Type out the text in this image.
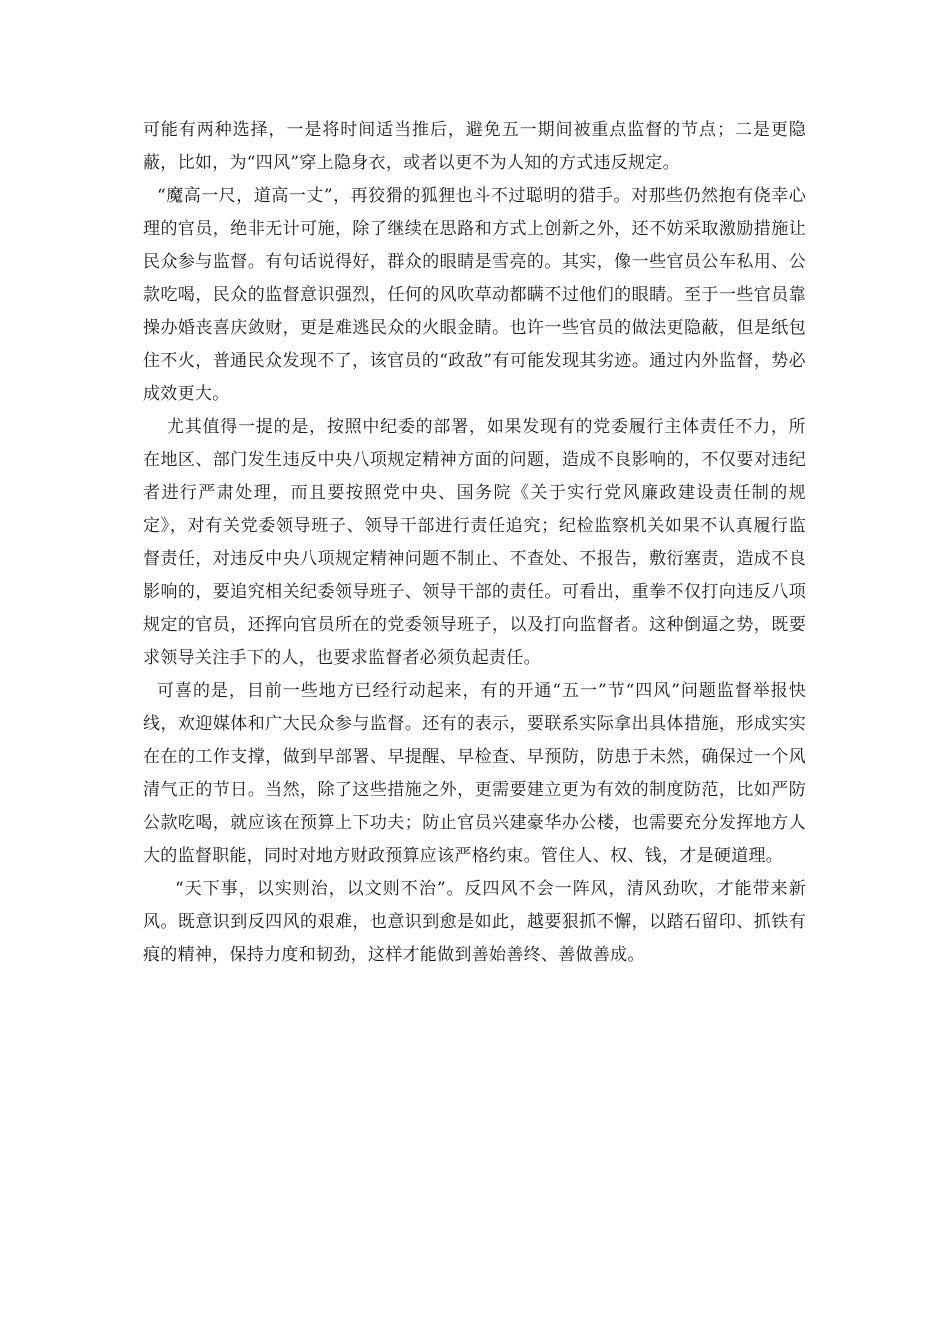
可能有两种选择，一是将时间适当推后，避免五一期间被重点监督的节点；二是更隐蔽，比如，为“四风”穿上隐身衣，或者以更不为人知的方式违反规定。

“魔高一尺，道高一丈”，再狡猾的狐狸也斗不过聪明的猎手。对那些仍然抱有侥幸心理的官员，绝非无计可施，除了继续在思路和方式上创新之外，还不妨采取激励措施让民众参与监督。有句话说得好，群众的眼睛是雪亮的。其实，像一些官员公车私用、公款吃喝，民众的监督意识强烈，任何的风吹草动都瞒不过他们的眼睛。至于一些官员靠操办婚丧喜庆敛财，更是难逃民众的火眼金睛。也许一些官员的做法更隐蔽，但是纸包住不火，普通民众发现不了，该官员的“政敌”有可能发现其劣迹。通过内外监督，势必成效更大。

尤其值得一提的是，按照中纪委的部署，如果发现有的党委履行主体责任不力，所在地区、部门发生违反中央八项规定精神方面的问题，造成不良影响的，不仅要对违纪者进行严肃处理，而且要按照党中央、国务院《关于实行党风廉政建设责任制的规定》，对有关党委领导班子、领导干部进行责任追究；纪检监察机关如果不认真履行监督责任，对违反中央八项规定精神问题不制止、不查处、不报告，敷衍塞责，造成不良影响的，要追究相关纪委领导班子、领导干部的责任。可看出，重拳不仅打向违反八项规定的官员，还挥向官员所在的党委领导班子，以及打向监督者。这种倒逼之势，既要求领导关注手下的人，也要求监督者必须负起责任。

可喜的是，目前一些地方已经行动起来，有的开通“五一”节“四风”问题监督举报快线，欢迎媒体和广大民众参与监督。还有的表示，要联系实际拿出具体措施，形成实实在在的工作支撑，做到早部署、早提醒、早检查、早预防，防患于未然，确保过一个风清气正的节日。当然，除了这些措施之外，更需要建立更为有效的制度防范，比如严防公款吃喝，就应该在预算上下功夫；防止官员兴建豪华办公楼，也需要充分发挥地方人大的监督职能，同时对地方财政预算应该严格约束。管住人、权、钱，才是硬道理。

“天下事，以实则治，以文则不治”。反四风不会一阵风，清风劲吹，才能带来新风。既意识到反四风的艰难，也意识到愈是如此，越要狠抓不懈，以踏石留印、抓铁有痕的精神，保持力度和韧劲，这样才能做到善始善终、善做善成。
